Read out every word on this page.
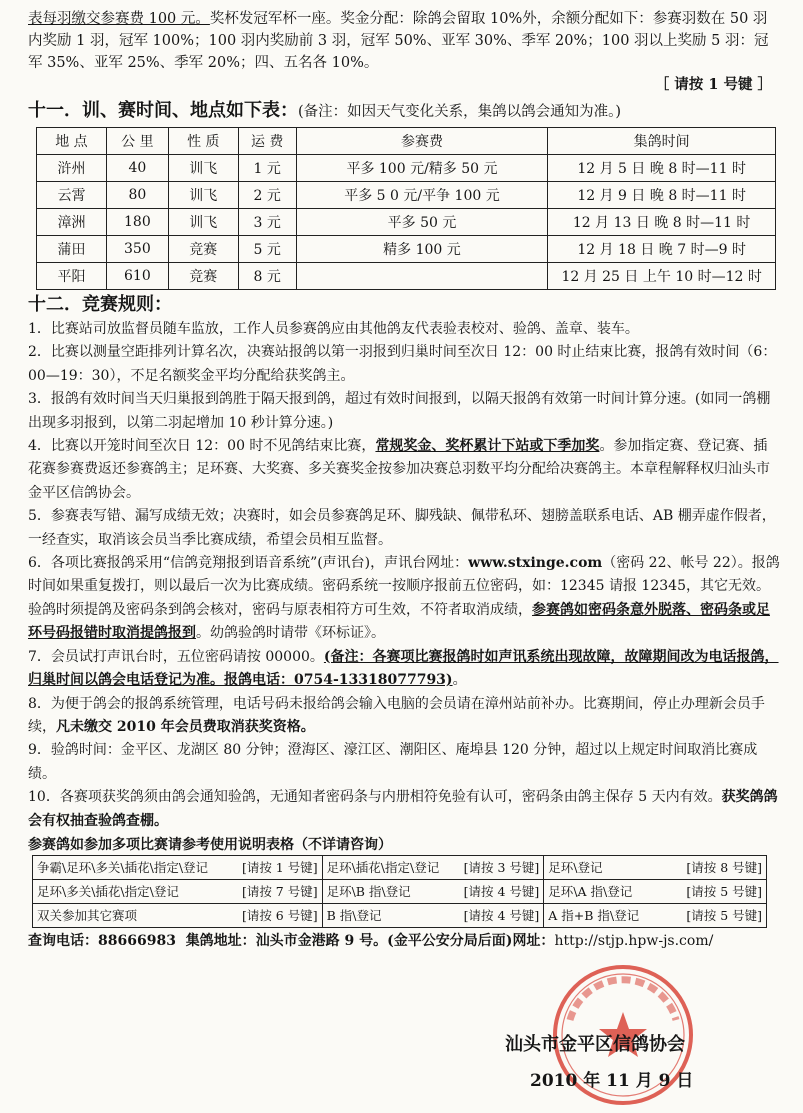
表每羽缴交参赛费 100 元。奖杯发冠军杯一座。奖金分配：除鸽会留取 10%外，余额分配如下：参赛羽数在 50 羽内奖励 1 羽，冠军 100%；100 羽内奖励前 3 羽，冠军 50%、亚军 30%、季军 20%；100 羽以上奖励 5 羽：冠军 35%、亚军 25%、季军 20%；四、五名各 10%。

［ 请按 1 号键 ］

十一．训、赛时间、地点如下表：(备注：如因天气变化关系，集鸽以鸽会通知为准。)

地 点	公 里	性 质	运 费	参赛费	集鸽时间
浒州	40	训飞	1 元	平多 100 元/精多 50 元	12 月 5 日 晚 8 时—11 时
云霄	80	训飞	2 元	平多 5 0 元/平争 100 元	12 月 9 日 晚 8 时—11 时
漳洲	180	训飞	3 元	平多 50 元	12 月 13 日 晚 8 时—11 时
蒲田	350	竞赛	5 元	精多 100 元	12 月 18 日 晚 7 时—9 时
平阳	610	竞赛	8 元		12 月 25 日 上午 10 时—12 时

十二．竞赛规则：

1．比赛站司放监督员随车监放，工作人员参赛鸽应由其他鸽友代表验表校对、验鸽、盖章、装车。

2．比赛以测量空距排列计算名次，决赛站报鸽以第一羽报到归巢时间至次日 12：00 时止结束比赛，报鸽有效时间（6：00—19：30），不足名额奖金平均分配给获奖鸽主。

3．报鸽有效时间当天归巢报到鸽胜于隔天报到鸽，超过有效时间报到，以隔天报鸽有效第一时间计算分速。(如同一鸽棚出现多羽报到，以第二羽起增加 10 秒计算分速。)

4．比赛以开笼时间至次日 12：00 时不见鸽结束比赛，常规奖金、奖杯累计下站或下季加奖。参加指定赛、登记赛、插花赛参赛费返还参赛鸽主；足环赛、大奖赛、多关赛奖金按参加决赛总羽数平均分配给决赛鸽主。本章程解释权归汕头市金平区信鸽协会。

5．参赛表写错、漏写成绩无效；决赛时，如会员参赛鸽足环、脚残缺、佩带私环、翅膀盖联系电话、AB 棚弄虚作假者，一经查实，取消该会员当季比赛成绩，希望会员相互监督。

6．各项比赛报鸽采用“信鸽竞翔报到语音系统”(声讯台)，声讯台网址：www.stxinge.com（密码 22、帐号 22）。报鸽时间如果重复拨打，则以最后一次为比赛成绩。密码系统一按顺序报前五位密码，如：12345 请报 12345，其它无效。验鸽时须提鸽及密码条到鸽会核对，密码与原表相符方可生效，不符者取消成绩，参赛鸽如密码条意外脱落、密码条或足环号码报错时取消提鸽报到。幼鸽验鸽时请带《环标证》。

7．会员试打声讯台时，五位密码请按 00000。(备注：各赛项比赛报鸽时如声讯系统出现故障，故障期间改为电话报鸽，归巢时间以鸽会电话登记为准。报鸽电话：0754-13318077793)。

8．为便于鸽会的报鸽系统管理，电话号码未报给鸽会输入电脑的会员请在漳州站前补办。比赛期间，停止办理新会员手续，凡未缴交 2010 年会员费取消获奖资格。

9．验鸽时间：金平区、龙湖区 80 分钟；澄海区、濠江区、潮阳区、庵埠县 120 分钟，超过以上规定时间取消比赛成绩。

10．各赛项获奖鸽须由鸽会通知验鸽，无通知者密码条与内册相符免验有认可，密码条由鸽主保存 5 天内有效。获奖鸽鸽会有权抽查验鸽查棚。

参赛鸽如参加多项比赛请参考使用说明表格（不详请咨询）

争霸\足环\多关\插花\指定\登记 [请按 1 号键]	足环\插花\指定\登记 [请按 3 号键]	足环\登记 [请按 8 号键]

足环\多关\插花\指定\登记 [请按 7 号键]	足环\B 指\登记 [请按 4 号键]	足环\A 指\登记 [请按 5 号键]

双关参加其它赛项 [请按 6 号键]	B 指\登记 [请按 4 号键]	A 指+B 指\登记 [请按 5 号键]

查询电话：88666983 集鸽地址：汕头市金港路 9 号。(金平公安分局后面)网址：http://stjp.hpw-js.com/

汕头市金平区信鸽协会
2010 年 11 月 9 日
